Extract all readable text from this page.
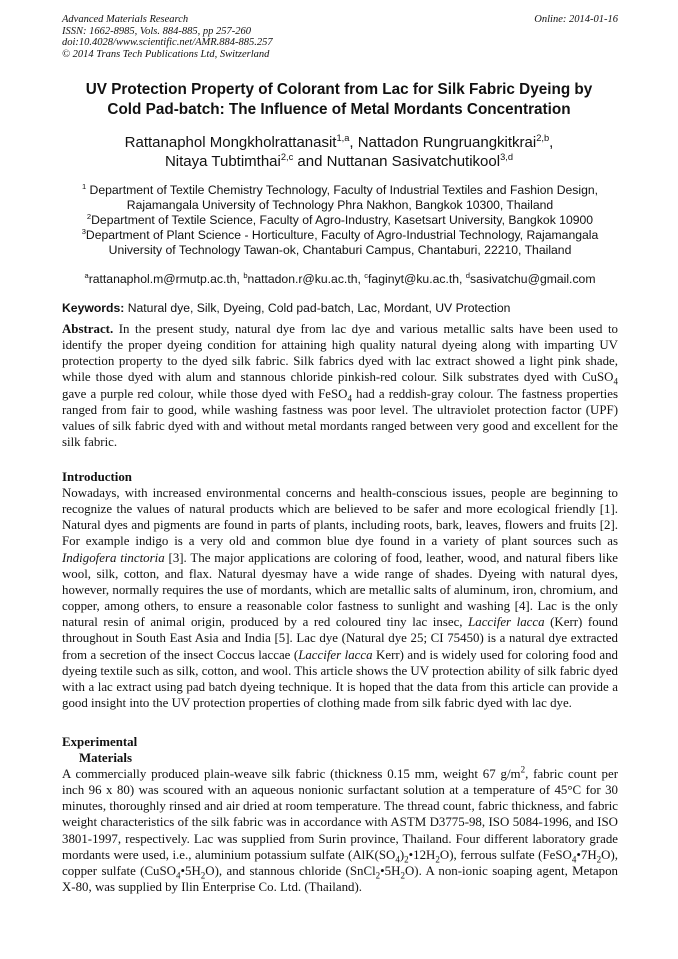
Advanced Materials Research
ISSN: 1662-8985, Vols. 884-885, pp 257-260
doi:10.4028/www.scientific.net/AMR.884-885.257
© 2014 Trans Tech Publications Ltd, Switzerland
Online: 2014-01-16
UV Protection Property of Colorant from Lac for Silk Fabric Dyeing by
Cold Pad-batch: The Influence of Metal Mordants Concentration
Rattanaphol Mongkholrattanasit$^{1,a}$, Nattadon Rungruangkitkrai$^{2,b}$,
Nitaya Tubtimthai$^{2,c}$ and Nuttanan Sasivatchutikool$^{3,d}$
$^1$ Department of Textile Chemistry Technology, Faculty of Industrial Textiles and Fashion Design,
Rajamangala University of Technology Phra Nakhon, Bangkok 10300, Thailand
$^2$Department of Textile Science, Faculty of Agro-Industry, Kasetsart University, Bangkok 10900
$^3$Department of Plant Science - Horticulture, Faculty of Agro-Industrial Technology, Rajamangala
University of Technology Tawan-ok, Chantaburi Campus, Chantaburi, 22210, Thailand
$^a$rattanaphol.m@rmutp.ac.th, $^b$nattadon.r@ku.ac.th, $^c$faginyt@ku.ac.th, $^d$sasivatchu@gmail.com
Keywords: Natural dye, Silk, Dyeing, Cold pad-batch, Lac, Mordant, UV Protection

Abstract. In the present study, natural dye from lac dye and various metallic salts have been used to identify the proper dyeing condition for attaining high quality natural dyeing along with imparting UV protection property to the dyed silk fabric. Silk fabrics dyed with lac extract showed a light pink shade, while those dyed with alum and stannous chloride pinkish-red colour. Silk substrates dyed with CuSO$_4$ gave a purple red colour, while those dyed with FeSO$_4$ had a reddish-gray colour. The fastness properties ranged from fair to good, while washing fastness was poor level. The ultraviolet protection factor (UPF) values of silk fabric dyed with and without metal mordants ranged between very good and excellent for the silk fabric.

Introduction

Nowadays, with increased environmental concerns and health-conscious issues, people are beginning to recognize the values of natural products which are believed to be safer and more ecological friendly [1]. Natural dyes and pigments are found in parts of plants, including roots, bark, leaves, flowers and fruits [2]. For example indigo is a very old and common blue dye found in a variety of plant sources such as Indigofera tinctoria [3]. The major applications are coloring of food, leather, wood, and natural fibers like wool, silk, cotton, and flax. Natural dyesmay have a wide range of shades. Dyeing with natural dyes, however, normally requires the use of mordants, which are metallic salts of aluminum, iron, chromium, and copper, among others, to ensure a reasonable color fastness to sunlight and washing [4]. Lac is the only natural resin of animal origin, produced by a red coloured tiny lac insec, Laccifer lacca (Kerr) found throughout in South East Asia and India [5]. Lac dye (Natural dye 25; CI 75450) is a natural dye extracted from a secretion of the insect Coccus laccae (Laccifer lacca Kerr) and is widely used for coloring food and dyeing textile such as silk, cotton, and wool. This article shows the UV protection ability of silk fabric dyed with a lac extract using pad batch dyeing technique. It is hoped that the data from this article can provide a good insight into the UV protection properties of clothing made from silk fabric dyed with lac dye.

Experimental
Materials

A commercially produced plain-weave silk fabric (thickness 0.15 mm, weight 67 $g/m^2$, fabric count per inch 96 x 80) was scoured with an aqueous nonionic surfactant solution at a temperature of 45°C for 30 minutes, thoroughly rinsed and air dried at room temperature. The thread count, fabric thickness, and fabric weight characteristics of the silk fabric was in accordance with ASTM D3775-98, ISO 5084-1996, and ISO 3801-1997, respectively. Lac was supplied from Surin province, Thailand. Four different laboratory grade mordants were used, i.e., aluminium potassium sulfate $(AlK(SO_4)_2•12H_2O)$, ferrous sulfate $(FeSO_4•7H_2O)$, copper sulfate $(CuSO_4•5H_2O)$, and stannous chloride $(SnCl_2•5H_2O)$. A non-ionic soaping agent, Metapon X-80, was supplied by Ilin Enterprise Co. Ltd. (Thailand).
